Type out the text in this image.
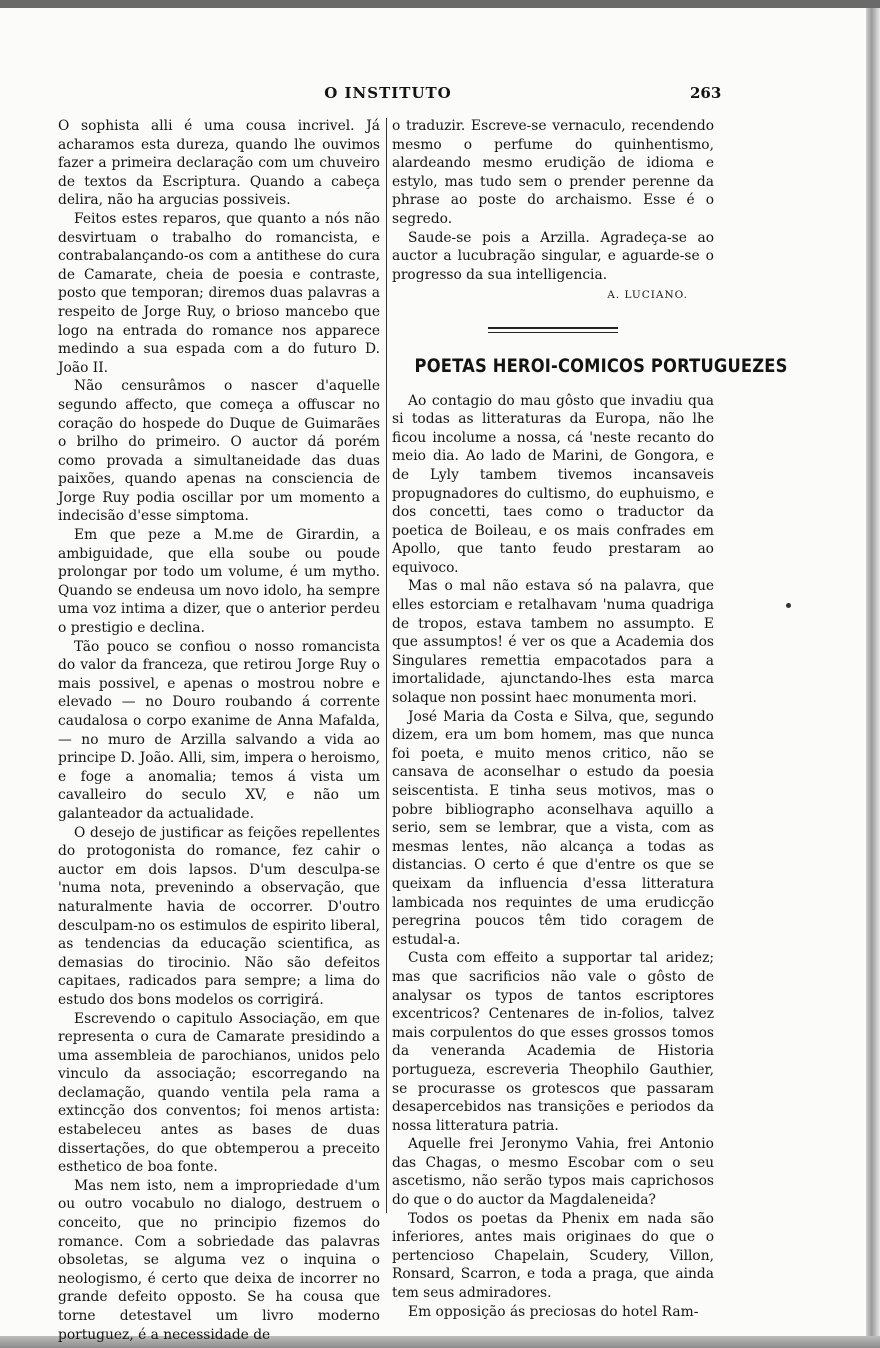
O INSTITUTO	263

O sophista alli é uma cousa incrivel. Já acharamos esta dureza, quando lhe ouvimos fazer a primeira declaração com um chuveiro de textos da Escriptura. Quando a cabeça delira, não ha argucias possiveis.

Feitos estes reparos, que quanto a nós não desvirtuam o trabalho do romancista, e contrabalançando-os com a antithese do cura de Camarate, cheia de poesia e contraste, posto que temporan; diremos duas palavras a respeito de Jorge Ruy, o brioso mancebo que logo na entrada do romance nos apparece medindo a sua espada com a do futuro D. João II.

Não censurâmos o nascer d'aquelle segundo affecto, que começa a offuscar no coração do hospede do Duque de Guimarães o brilho do primeiro. O auctor dá porém como provada a simultaneidade das duas paixões, quando apenas na consciencia de Jorge Ruy podia oscillar por um momento a indecisão d'esse simptoma.

Em que peze a M.me de Girardin, a ambiguidade, que ella soube ou poude prolongar por todo um volume, é um mytho. Quando se endeusa um novo idolo, ha sempre uma voz intima a dizer, que o anterior perdeu o prestigio e declina.

Tão pouco se confiou o nosso romancista do valor da franceza, que retirou Jorge Ruy o mais possivel, e apenas o mostrou nobre e elevado — no Douro roubando á corrente caudalosa o corpo exanime de Anna Mafalda, — no muro de Arzilla salvando a vida ao principe D. João. Alli, sim, impera o heroismo, e foge a anomalia; temos á vista um cavalleiro do seculo XV, e não um galanteador da actualidade.

O desejo de justificar as feições repellentes do protogonista do romance, fez cahir o auctor em dois lapsos. D'um desculpa-se 'numa nota, prevenindo a observação, que naturalmente havia de occorrer. D'outro desculpam-no os estimulos de espirito liberal, as tendencias da educação scientifica, as demasias do tirocinio. Não são defeitos capitaes, radicados para sempre; a lima do estudo dos bons modelos os corrigirá.

Escrevendo o capitulo Associação, em que representa o cura de Camarate presidindo a uma assembleia de parochianos, unidos pelo vinculo da associação; escorregando na declamação, quando ventila pela rama a extincção dos conventos; foi menos artista: estabeleceu antes as bases de duas dissertações, do que obtemperou a preceito esthetico de boa fonte.

Mas nem isto, nem a impropriedade d'um ou outro vocabulo no dialogo, destruem o conceito, que no principio fizemos do romance. Com a sobriedade das palavras obsoletas, se alguma vez o inquina o neologismo, é certo que deixa de incorrer no grande defeito opposto. Se ha cousa que torne detestavel um livro moderno portuguez, é a necessidade de

o traduzir. Escreve-se vernaculo, recendendo mesmo o perfume do quinhentismo, alardeando mesmo erudição de idioma e estylo, mas tudo sem o prender perenne da phrase ao poste do archaismo. Esse é o segredo.

Saude-se pois a Arzilla. Agradeça-se ao auctor a lucubração singular, e aguarde-se o progresso da sua intelligencia.

A. LUCIANO.
POETAS HEROI-COMICOS PORTUGUEZES

Ao contagio do mau gôsto que invadiu qua si todas as litteraturas da Europa, não lhe ficou incolume a nossa, cá 'neste recanto do meio dia. Ao lado de Marini, de Gongora, e de Lyly tambem tivemos incansaveis propugnadores do cultismo, do euphuismo, e dos concetti, taes como o traductor da poetica de Boileau, e os mais confrades em Apollo, que tanto feudo prestaram ao equivoco.

Mas o mal não estava só na palavra, que elles estorciam e retalhavam 'numa quadriga de tropos, estava tambem no assumpto. E que assumptos! é ver os que a Academia dos Singulares remettia empacotados para a imortalidade, ajunctando-lhes esta marca solaque non possint haec monumenta mori.

José Maria da Costa e Silva, que, segundo dizem, era um bom homem, mas que nunca foi poeta, e muito menos critico, não se cansava de aconselhar o estudo da poesia seiscentista. E tinha seus motivos, mas o pobre bibliographo aconselhava aquillo a serio, sem se lembrar, que a vista, com as mesmas lentes, não alcança a todas as distancias. O certo é que d'entre os que se queixam da influencia d'essa litteratura lambicada nos requintes de uma erudicção peregrina poucos têm tido coragem de estudal-a.

Custa com effeito a supportar tal aridez; mas que sacrificios não vale o gôsto de analysar os typos de tantos escriptores excentricos? Centenares de in-folios, talvez mais corpulentos do que esses grossos tomos da veneranda Academia de Historia portugueza, escreveria Theophilo Gauthier, se procurasse os grotescos que passaram desapercebidos nas transições e periodos da nossa litteratura patria.

Aquelle frei Jeronymo Vahia, frei Antonio das Chagas, o mesmo Escobar com o seu ascetismo, não serão typos mais caprichosos do que o do auctor da Magdaleneida?

Todos os poetas da Phenix em nada são inferiores, antes mais originaes do que o pertencioso Chapelain, Scudery, Villon, Ronsard, Scarron, e toda a praga, que ainda tem seus admiradores.

Em opposição ás preciosas do hotel Ram-
